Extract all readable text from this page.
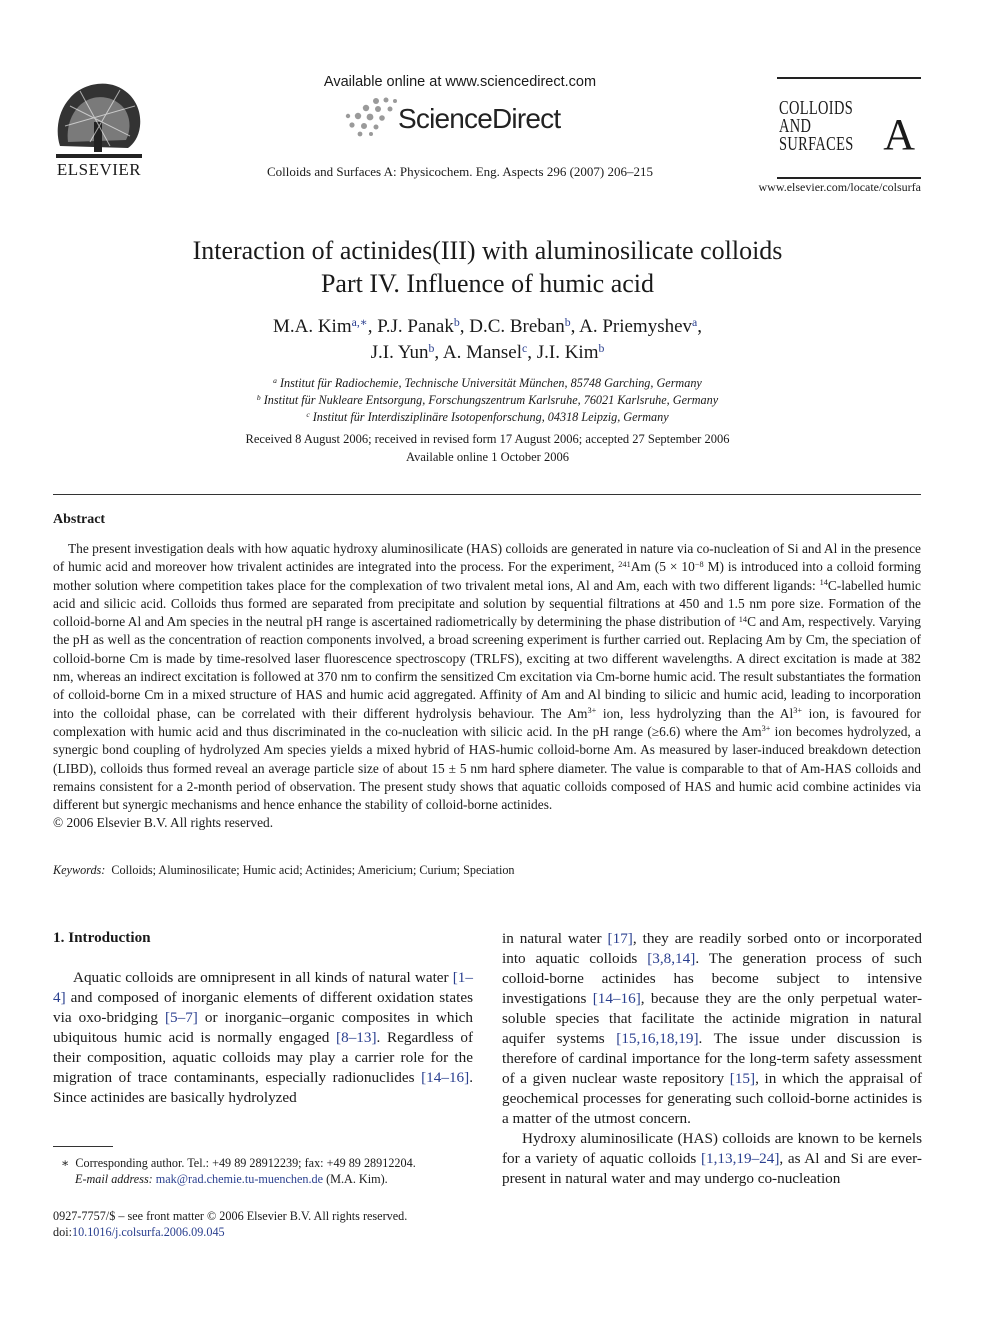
ELSEVIER
Available online at www.sciencedirect.com
ScienceDirect
Colloids and Surfaces A: Physicochem. Eng. Aspects 296 (2007) 206–215
COLLOIDS
AND
SURFACES A
www.elsevier.com/locate/colsurfa
Interaction of actinides(III) with aluminosilicate colloids
Part IV. Influence of humic acid
M.A. Kim$^{a,∗}$, P.J. Panak$^b$, D.C. Breban$^b$, A. Priemyshev$^a$,
J.I. Yun$^b$, A. Mansel$^c$, J.I. Kim$^b$
$^a$ Institut für Radiochemie, Technische Universität München, 85748 Garching, Germany
$^b$ Institut für Nukleare Entsorgung, Forschungszentrum Karlsruhe, 76021 Karlsruhe, Germany
$^c$ Institut für Interdisziplinäre Isotopenforschung, 04318 Leipzig, Germany
Received 8 August 2006; received in revised form 17 August 2006; accepted 27 September 2006
Available online 1 October 2006
Abstract

The present investigation deals with how aquatic hydroxy aluminosilicate (HAS) colloids are generated in nature via co-nucleation of Si and Al in the presence of humic acid and moreover how trivalent actinides are integrated into the process. For the experiment, $^{241}$Am ($5 \times 10^{-8}$ M) is introduced into a colloid forming mother solution where competition takes place for the complexation of two trivalent metal ions, Al and Am, each with two different ligands: $^{14}$C-labelled humic acid and silicic acid. Colloids thus formed are separated from precipitate and solution by sequential filtrations at 450 and 1.5 nm pore size. Formation of the colloid-borne Al and Am species in the neutral pH range is ascertained radiometrically by determining the phase distribution of $^{14}$C and Am, respectively. Varying the pH as well as the concentration of reaction components involved, a broad screening experiment is further carried out. Replacing Am by Cm, the speciation of colloid-borne Cm is made by time-resolved laser fluorescence spectroscopy (TRLFS), exciting at two different wavelengths. A direct excitation is made at 382 nm, whereas an indirect excitation is followed at 370 nm to confirm the sensitized Cm excitation via Cm-borne humic acid. The result substantiates the formation of colloid-borne Cm in a mixed structure of HAS and humic acid aggregated. Affinity of Am and Al binding to silicic and humic acid, leading to incorporation into the colloidal phase, can be correlated with their different hydrolysis behaviour. The $Am^{3+}$ ion, less hydrolyzing than the $Al^{3+}$ ion, is favoured for complexation with humic acid and thus discriminated in the co-nucleation with silicic acid. In the pH range (≥6.6) where the $Am^{3+}$ ion becomes hydrolyzed, a synergic bond coupling of hydrolyzed Am species yields a mixed hybrid of HAS-humic colloid-borne Am. As measured by laser-induced breakdown detection (LIBD), colloids thus formed reveal an average particle size of about 15 ± 5 nm hard sphere diameter. The value is comparable to that of Am-HAS colloids and remains consistent for a 2-month period of observation. The present study shows that aquatic colloids composed of HAS and humic acid combine actinides via different but synergic mechanisms and hence enhance the stability of colloid-borne actinides.

© 2006 Elsevier B.V. All rights reserved.

Keywords: Colloids; Aluminosilicate; Humic acid; Actinides; Americium; Curium; Speciation
1. Introduction

Aquatic colloids are omnipresent in all kinds of natural water [1–4] and composed of inorganic elements of different oxidation states via oxo-bridging [5–7] or inorganic–organic composites in which ubiquitous humic acid is normally engaged [8–13]. Regardless of their composition, aquatic colloids may play a carrier role for the migration of trace contaminants, especially radionuclides [14–16]. Since actinides are basically hydrolyzed

in natural water [17], they are readily sorbed onto or incorporated into aquatic colloids [3,8,14]. The generation process of such colloid-borne actinides has become subject to intensive investigations [14–16], because they are the only perpetual water-soluble species that facilitate the actinide migration in natural aquifer systems [15,16,18,19]. The issue under discussion is therefore of cardinal importance for the long-term safety assessment of a given nuclear waste repository [15], in which the appraisal of geochemical processes for generating such colloid-borne actinides is a matter of the utmost concern.

Hydroxy aluminosilicate (HAS) colloids are known to be kernels for a variety of aquatic colloids [1,13,19–24], as Al and Si are ever-present in natural water and may undergo co-nucleation

∗ Corresponding author. Tel.: +49 89 28912239; fax: +49 89 28912204.
E-mail address: mak@rad.chemie.tu-muenchen.de (M.A. Kim).
0927-7757/$ – see front matter © 2006 Elsevier B.V. All rights reserved.
doi:10.1016/j.colsurfa.2006.09.045
